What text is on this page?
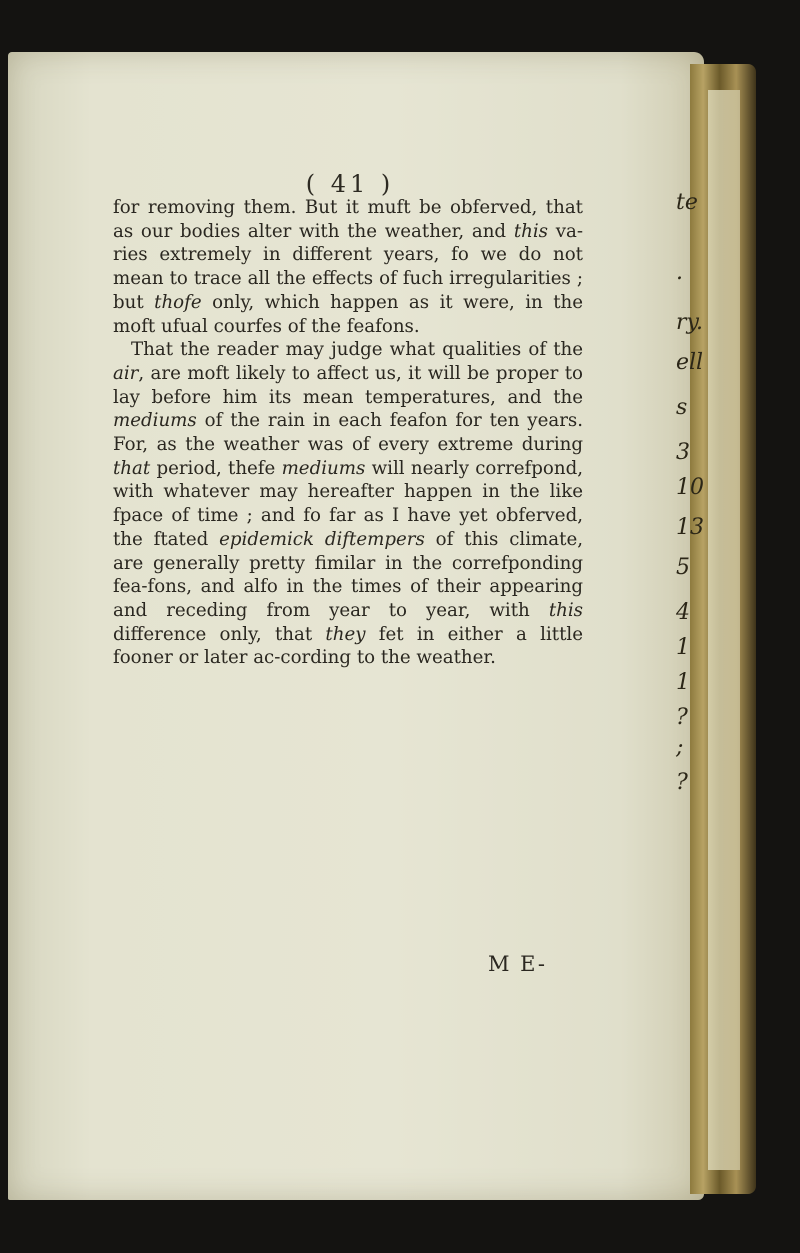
te
.
ry.
ell
s
3
10
13
5
4
1
1
?
;
?
( 41 )

for removing them. But it muft be obferved, that as our bodies alter with the weather, and this va-ries extremely in different years, fo we do not mean to trace all the effects of fuch irregularities ; but thofe only, which happen as it were, in the moft ufual courfes of the feafons.

That the reader may judge what qualities of the air, are moft likely to affect us, it will be proper to lay before him its mean temperatures, and the mediums of the rain in each feafon for ten years. For, as the weather was of every extreme during that period, thefe mediums will nearly correfpond, with whatever may hereafter happen in the like fpace of time ; and fo far as I have yet obferved, the ftated epidemick diftempers of this climate, are generally pretty fimilar in the correfponding fea-fons, and alfo in the times of their appearing and receding from year to year, with this difference only, that they fet in either a little fooner or later ac-cording to the weather.

M E-
